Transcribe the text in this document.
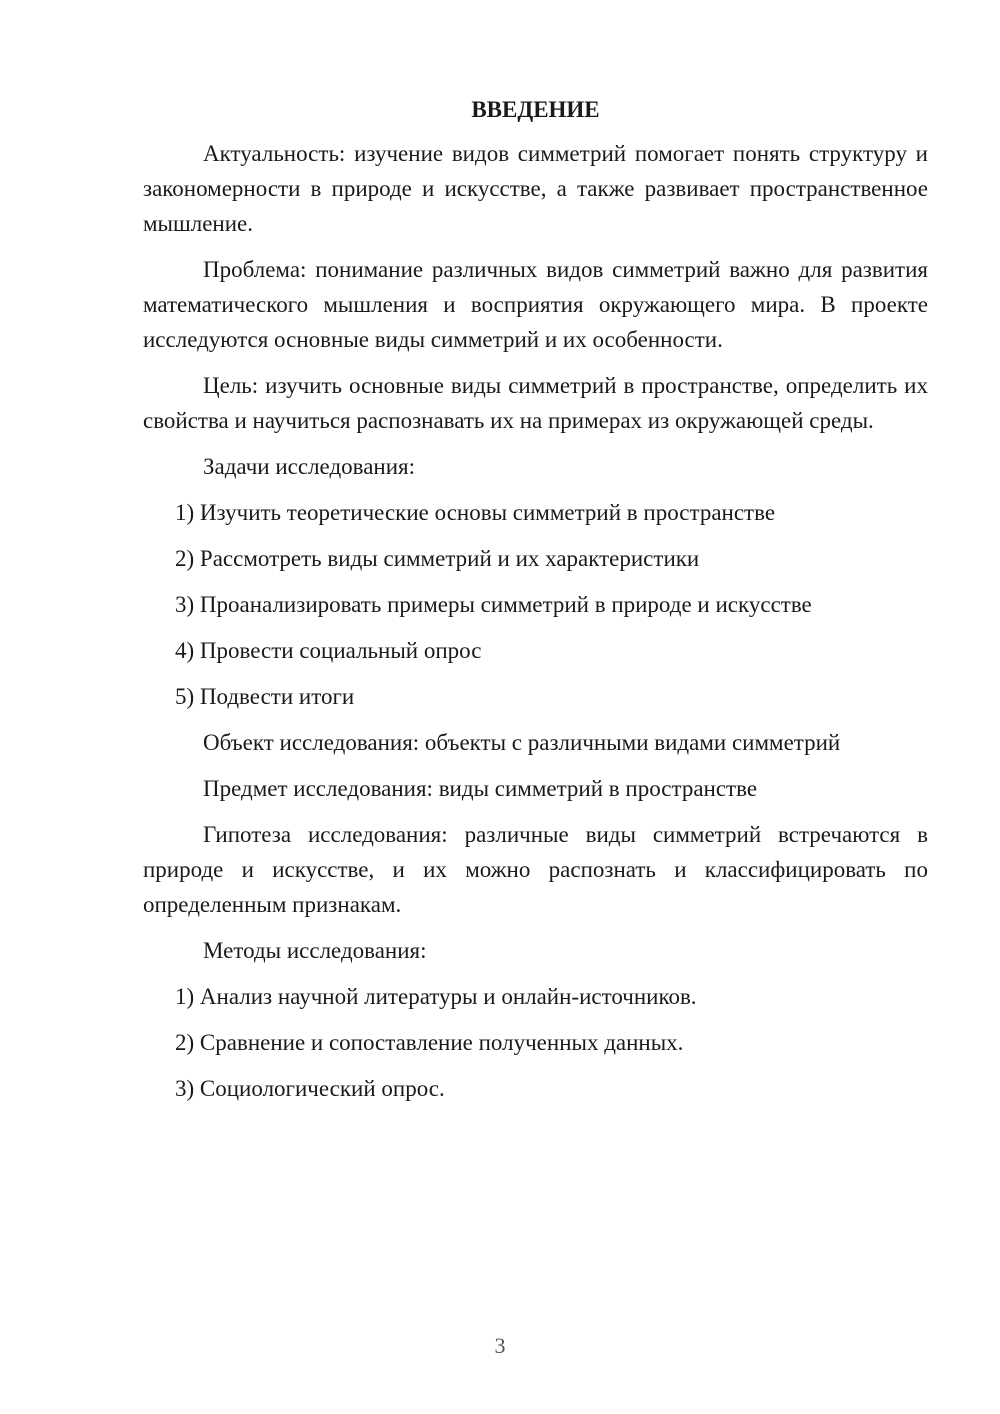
ВВЕДЕНИЕ
Актуальность: изучение видов симметрий помогает понять структуру и закономерности в природе и искусстве, а также развивает пространственное мышление.
Проблема: понимание различных видов симметрий важно для развития математического мышления и восприятия окружающего мира. В проекте исследуются основные виды симметрий и их особенности.
Цель: изучить основные виды симметрий в пространстве, определить их свойства и научиться распознавать их на примерах из окружающей среды.
Задачи исследования:
1) Изучить теоретические основы симметрий в пространстве
2) Рассмотреть виды симметрий и их характеристики
3) Проанализировать примеры симметрий в природе и искусстве
4) Провести социальный опрос
5) Подвести итоги
Объект исследования: объекты с различными видами симметрий
Предмет исследования: виды симметрий в пространстве
Гипотеза исследования: различные виды симметрий встречаются в природе и искусстве, и их можно распознать и классифицировать по определенным признакам.
Методы исследования:
1) Анализ научной литературы и онлайн-источников.
2) Сравнение и сопоставление полученных данных.
3) Социологический опрос.
3
